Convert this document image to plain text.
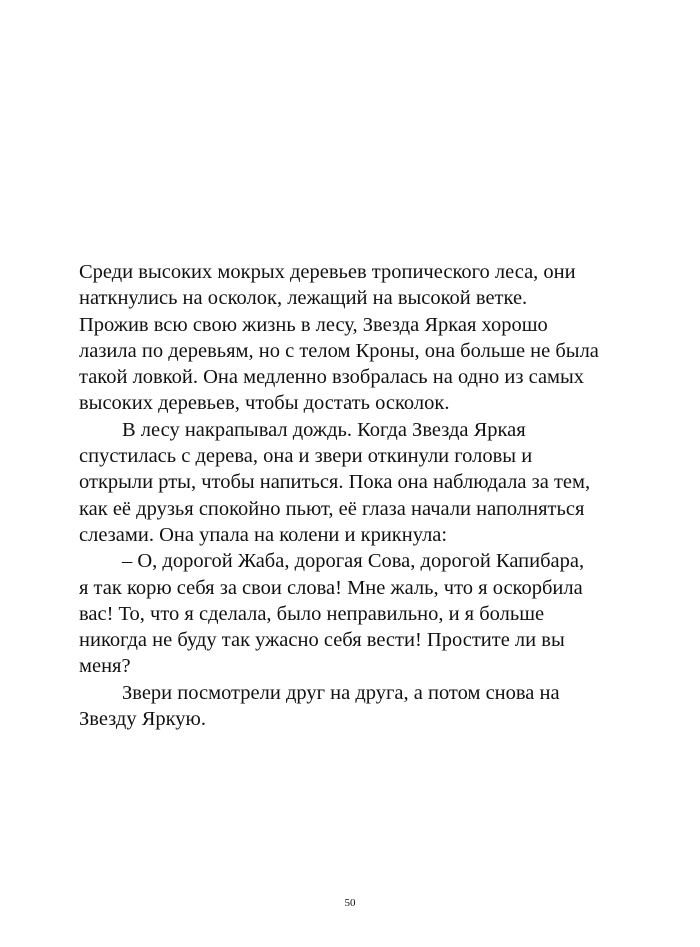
Среди высоких мокрых деревьев тропического леса, они
наткнулись на осколок, лежащий на высокой ветке.
Прожив всю свою жизнь в лесу, Звезда Яркая хорошо
лазила по деревьям, но с телом Кроны, она больше не была
такой ловкой. Она медленно взобралась на одно из самых
высоких деревьев, чтобы достать осколок.
В лесу накрапывал дождь. Когда Звезда Яркая
спустилась с дерева, она и звери откинули головы и
открыли рты, чтобы напиться. Пока она наблюдала за тем,
как её друзья спокойно пьют, её глаза начали наполняться
слезами. Она упала на колени и крикнула:
– О, дорогой Жаба, дорогая Сова, дорогой Капибара,
я так корю себя за свои слова! Мне жаль, что я оскорбила
вас! То, что я сделала, было неправильно, и я больше
никогда не буду так ужасно себя вести! Простите ли вы
меня?
Звери посмотрели друг на друга, а потом снова на
Звезду Яркую.
50
